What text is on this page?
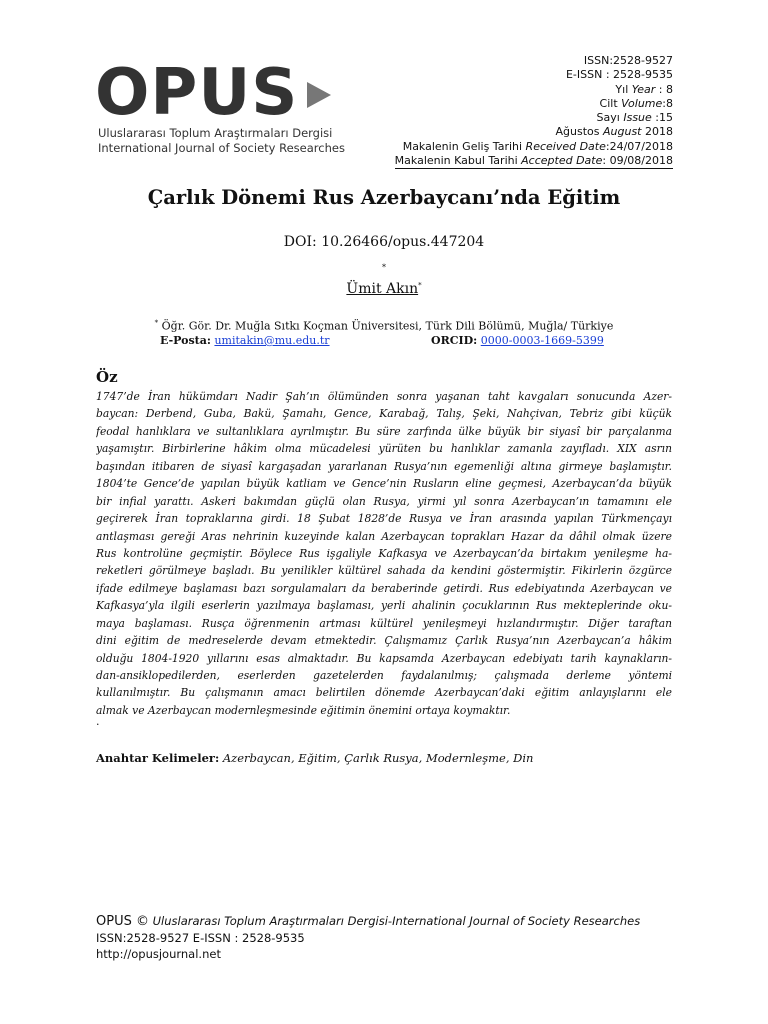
OPUS
Uluslararası Toplum Araştırmaları Dergisi
International Journal of Society Researches
ISSN:2528-9527
E-ISSN : 2528-9535
Yıl Year : 8
Cilt Volume:8
Sayı Issue :15
Ağustos August 2018
Makalenin Geliş Tarihi Received Date:24/07/2018
Makalenin Kabul Tarihi Accepted Date: 09/08/2018
Çarlık Dönemi Rus Azerbaycanı’nda Eğitim
DOI: 10.26466/opus.447204
*
Ümit Akın*
* Öğr. Gör. Dr. Muğla Sıtkı Koçman Üniversitesi, Türk Dili Bölümü, Muğla/ Türkiye
E-Posta: umitakin@mu.edu.tr	ORCID: 0000-0003-1669-5399
Öz
1747’de İran hükümdarı Nadir Şah’ın ölümünden sonra yaşanan taht kavgaları sonucunda Azer-
baycan: Derbend, Guba, Bakü, Şamahı, Gence, Karabağ, Talış, Şeki, Nahçivan, Tebriz gibi küçük
feodal hanlıklara ve sultanlıklara ayrılmıştır. Bu süre zarfında ülke büyük bir siyasî bir parçalanma
yaşamıştır. Birbirlerine hâkim olma mücadelesi yürüten bu hanlıklar zamanla zayıfladı. XIX asrın
başından itibaren de siyasî kargaşadan yararlanan Rusya’nın egemenliği altına girmeye başlamıştır.
1804’te Gence’de yapılan büyük katliam ve Gence’nin Rusların eline geçmesi, Azerbaycan’da büyük
bir infial yarattı. Askeri bakımdan güçlü olan Rusya, yirmi yıl sonra Azerbaycan’ın tamamını ele
geçirerek İran topraklarına girdi. 18 Şubat 1828’de Rusya ve İran arasında yapılan Türkmençayı
antlaşması gereği Aras nehrinin kuzeyinde kalan Azerbaycan toprakları Hazar da dâhil olmak üzere
Rus kontrolüne geçmiştir. Böylece Rus işgaliyle Kafkasya ve Azerbaycan’da birtakım yenileşme ha-
reketleri görülmeye başladı. Bu yenilikler kültürel sahada da kendini göstermiştir. Fikirlerin özgürce
ifade edilmeye başlaması bazı sorgulamaları da beraberinde getirdi. Rus edebiyatında Azerbaycan ve
Kafkasya’yla ilgili eserlerin yazılmaya başlaması, yerli ahalinin çocuklarının Rus mekteplerinde oku-
maya başlaması. Rusça öğrenmenin artması kültürel yenileşmeyi hızlandırmıştır. Diğer taraftan
dini eğitim de medreselerde devam etmektedir. Çalışmamız Çarlık Rusya’nın Azerbaycan’a hâkim
olduğu 1804-1920 yıllarını esas almaktadır. Bu kapsamda Azerbaycan edebiyatı tarih kaynakların-
dan-ansiklopedilerden, eserlerden gazetelerden faydalanılmış; çalışmada derleme yöntemi
kullanılmıştır. Bu çalışmanın amacı belirtilen dönemde Azerbaycan’daki eğitim anlayışlarını ele
almak ve Azerbaycan modernleşmesinde eğitimin önemini ortaya koymaktır.
.
Anahtar Kelimeler: Azerbaycan, Eğitim, Çarlık Rusya, Modernleşme, Din
OPUS © Uluslararası Toplum Araştırmaları Dergisi-International Journal of Society Researches
ISSN:2528-9527 E-ISSN : 2528-9535
http://opusjournal.net
